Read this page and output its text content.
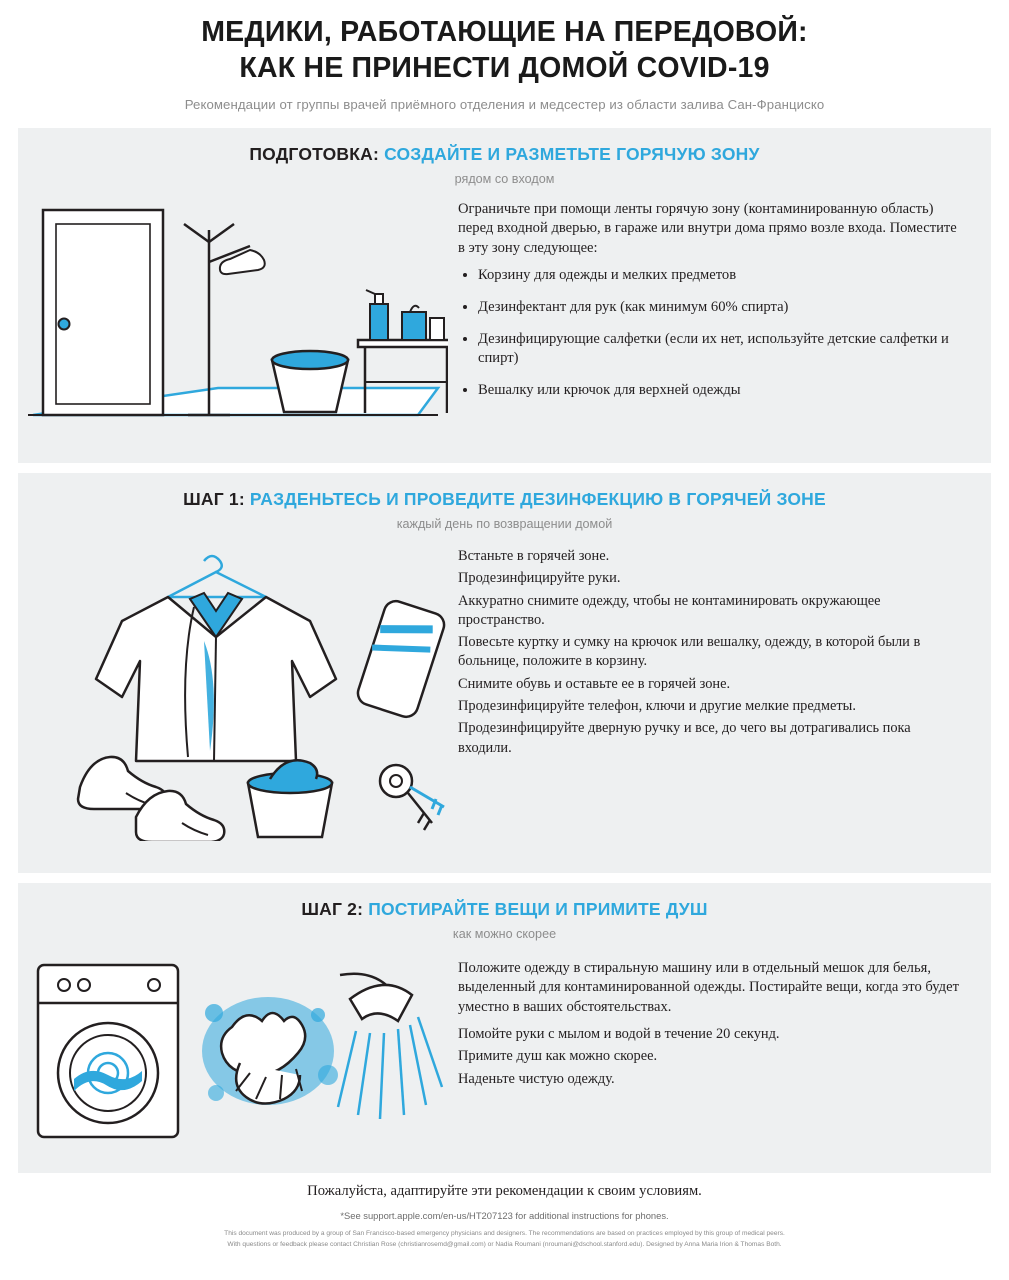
МЕДИКИ, РАБОТАЮЩИЕ НА ПЕРЕДОВОЙ:
КАК НЕ ПРИНЕСТИ ДОМОЙ COVID-19
Рекомендации от группы врачей приёмного отделения и медсестер из области залива Сан-Франциско
ПОДГОТОВКА: СОЗДАЙТЕ И РАЗМЕТЬТЕ ГОРЯЧУЮ ЗОНУ
рядом со входом

Ограничьте при помощи ленты горячую зону (контаминированную область) перед входной дверью, в гараже или внутри дома прямо возле входа. Поместите в эту зону следующее:

• Корзину для одежды и мелких предметов
• Дезинфектант для рук (как минимум 60% спирта)
• Дезинфицирующие салфетки (если их нет, используйте детские салфетки и спирт)
• Вешалку или крючок для верхней одежды
ШАГ 1: РАЗДЕНЬТЕСЬ И ПРОВЕДИТЕ ДЕЗИНФЕКЦИЮ В ГОРЯЧЕЙ ЗОНЕ
каждый день по возвращении домой

Встаньте в горячей зоне.

Продезинфицируйте руки.

Аккуратно снимите одежду, чтобы не контаминировать окружающее пространство.

Повесьте куртку и сумку на крючок или вешалку, одежду, в которой были в больнице, положите в корзину.

Снимите обувь и оставьте ее в горячей зоне.

Продезинфицируйте телефон, ключи и другие мелкие предметы.

Продезинфицируйте дверную ручку и все, до чего вы дотрагивались пока входили.

ШАГ 2: ПОСТИРАЙТЕ ВЕЩИ И ПРИМИТЕ ДУШ
как можно скорее

Положите одежду в стиральную машину или в отдельный мешок для белья, выделенный для контаминированной одежды. Постирайте вещи, когда это будет уместно в ваших обстоятельствах.

Помойте руки с мылом и водой в течение 20 секунд.

Примите душ как можно скорее.

Наденьте чистую одежду.

Пожалуйста, адаптируйте эти рекомендации к своим условиям.
*See support.apple.com/en-us/HT207123 for additional instructions for phones.
This document was produced by a group of San Francisco-based emergency physicians and designers. The recommendations are based on practices employed by this group of medical peers.
With questions or feedback please contact Christian Rose (christianrosemd@gmail.com) or Nadia Roumani (nroumani@dschool.stanford.edu). Designed by Anna Maria Irion & Thomas Both.
